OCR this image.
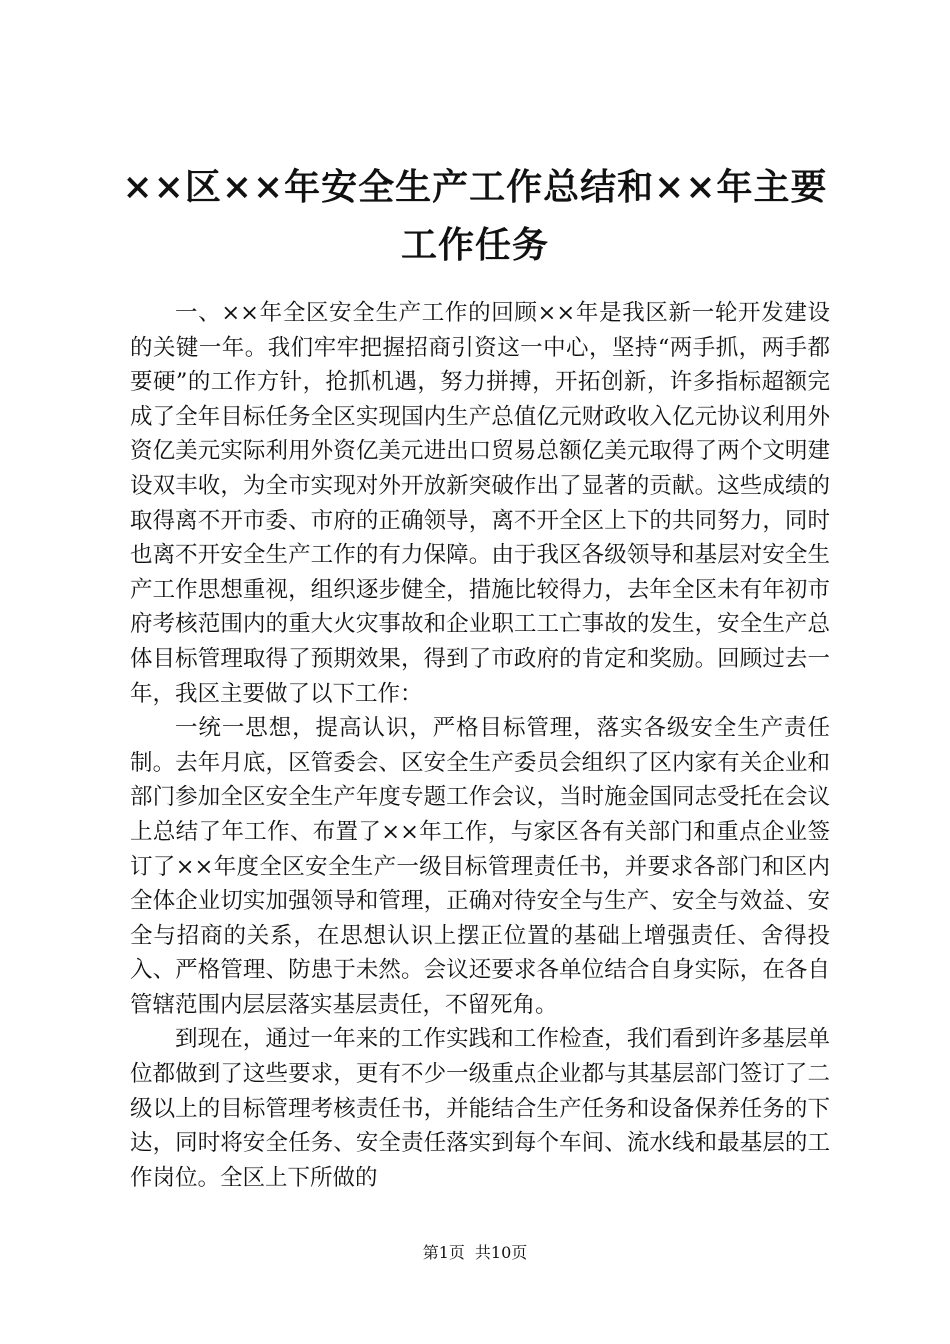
××区××年安全生产工作总结和××年主要
工作任务

一、××年全区安全生产工作的回顾××年是我区新一轮开发建设的关键一年。我们牢牢把握招商引资这一中心，坚持“两手抓，两手都要硬”的工作方针，抢抓机遇，努力拼搏，开拓创新，许多指标超额完成了全年目标任务全区实现国内生产总值亿元财政收入亿元协议利用外资亿美元实际利用外资亿美元进出口贸易总额亿美元取得了两个文明建设双丰收，为全市实现对外开放新突破作出了显著的贡献。这些成绩的取得离不开市委、市府的正确领导，离不开全区上下的共同努力，同时也离不开安全生产工作的有力保障。由于我区各级领导和基层对安全生产工作思想重视，组织逐步健全，措施比较得力，去年全区未有年初市府考核范围内的重大火灾事故和企业职工工亡事故的发生，安全生产总体目标管理取得了预期效果，得到了市政府的肯定和奖励。回顾过去一年，我区主要做了以下工作：

一统一思想，提高认识，严格目标管理，落实各级安全生产责任制。去年月底，区管委会、区安全生产委员会组织了区内家有关企业和部门参加全区安全生产年度专题工作会议，当时施金国同志受托在会议上总结了年工作、布置了××年工作，与家区各有关部门和重点企业签订了××年度全区安全生产一级目标管理责任书，并要求各部门和区内全体企业切实加强领导和管理，正确对待安全与生产、安全与效益、安全与招商的关系，在思想认识上摆正位置的基础上增强责任、舍得投入、严格管理、防患于未然。会议还要求各单位结合自身实际，在各自管辖范围内层层落实基层责任，不留死角。

到现在，通过一年来的工作实践和工作检查，我们看到许多基层单位都做到了这些要求，更有不少一级重点企业都与其基层部门签订了二级以上的目标管理考核责任书，并能结合生产任务和设备保养任务的下达，同时将安全任务、安全责任落实到每个车间、流水线和最基层的工作岗位。全区上下所做的

第1页 共10页
